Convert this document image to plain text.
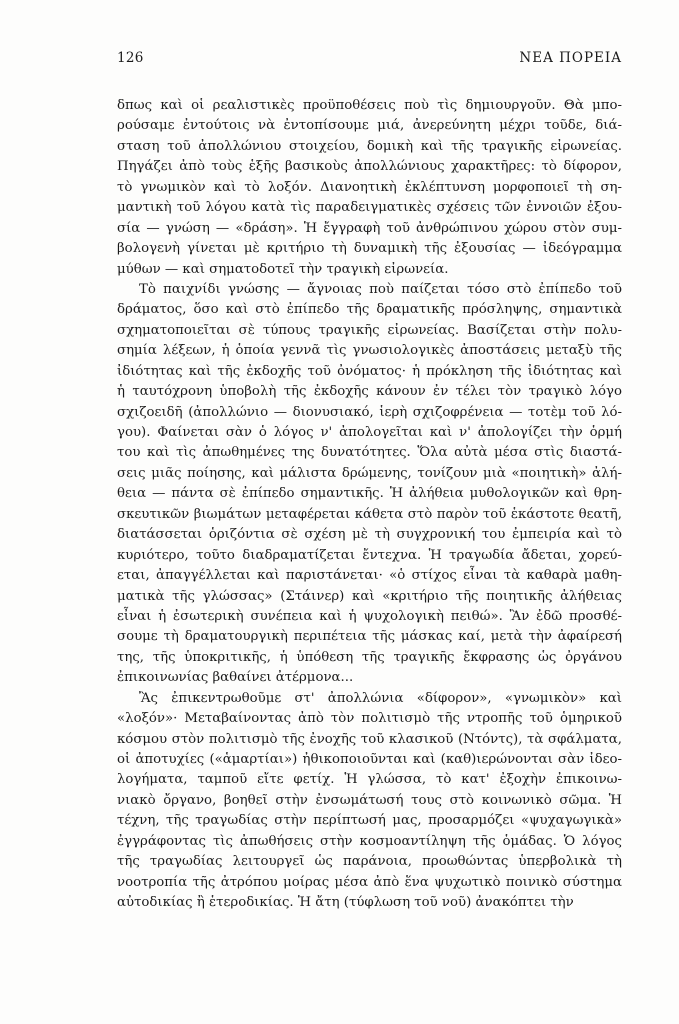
126	ΝΕΑ ΠΟΡΕΙΑ
δπως καὶ οἱ ρεαλιστικὲς προϋποθέσεις ποὺ τὶς δημιουργοῦν. Θὰ μπο-
ρούσαμε ἐντούτοις νὰ ἐντοπίσουμε μιά, ἀνερεύνητη μέχρι τοῦδε, διά-
σταση τοῦ ἀπολλώνιου στοιχείου, δομικὴ καὶ τῆς τραγικῆς εἰρωνείας.
Πηγάζει ἀπὸ τοὺς ἑξῆς βασικοὺς ἀπολλώνιους χαρακτῆρες: τὸ δίφορον,
τὸ γνωμικὸν καὶ τὸ λοξόν. Διανοητικὴ ἐκλέπτυνση μορφοποιεῖ τὴ ση-
μαντικὴ τοῦ λόγου κατὰ τὶς παραδειγματικὲς σχέσεις τῶν ἐννοιῶν ἐξου-
σία — γνώση — «δράση». Ἡ ἔγγραφὴ τοῦ ἀνθρώπινου χώρου στὸν συμ-
βολογενὴ γίνεται μὲ κριτήριο τὴ δυναμικὴ τῆς ἐξουσίας — ἰδεόγραμμα
μύθων — καὶ σηματοδοτεῖ τὴν τραγικὴ εἰρωνεία.
Τὸ παιχνίδι γνώσης — ἄγνοιας ποὺ παίζεται τόσο στὸ ἐπίπεδο τοῦ
δράματος, ὅσο καὶ στὸ ἐπίπεδο τῆς δραματικῆς πρόσληψης, σημαντικὰ
σχηματοποιεῖται σὲ τύπους τραγικῆς εἰρωνείας. Βασίζεται στὴν πολυ-
σημία λέξεων, ἡ ὁποία γεννᾶ τὶς γνωσιολογικὲς ἀποστάσεις μεταξὺ τῆς
ἰδιότητας καὶ τῆς ἐκδοχῆς τοῦ ὀνόματος· ἡ πρόκληση τῆς ἰδιότητας καὶ
ἡ ταυτόχρονη ὑποβολὴ τῆς ἐκδοχῆς κάνουν ἐν τέλει τὸν τραγικὸ λόγο
σχιζοειδῆ (ἀπολλώνιο — διονυσιακό, ἱερὴ σχιζοφρένεια — τοτὲμ τοῦ λό-
γου). Φαίνεται σὰν ὁ λόγος ν' ἀπολογεῖται καὶ ν' ἀπολογίζει τὴν ὁρμή
του καὶ τὶς ἀπωθημένες της δυνατότητες. Ὅλα αὐτὰ μέσα στὶς διαστά-
σεις μιᾶς ποίησης, καὶ μάλιστα δρώμενης, τονίζουν μιὰ «ποιητικὴ» ἀλή-
θεια — πάντα σὲ ἐπίπεδο σημαντικῆς. Ἡ ἀλήθεια μυθολογικῶν καὶ θρη-
σκευτικῶν βιωμάτων μεταφέρεται κάθετα στὸ παρὸν τοῦ ἑκάστοτε θεατῆ,
διατάσσεται ὁριζόντια σὲ σχέση μὲ τὴ συγχρονική του ἐμπειρία καὶ τὸ
κυριότερο, τοῦτο διαδραματίζεται ἔντεχνα. Ἡ τραγωδία ἄδεται, χορεύ-
εται, ἀπαγγέλλεται καὶ παριστάνεται· «ὁ στίχος εἶναι τὰ καθαρὰ μαθη-
ματικὰ τῆς γλώσσας» (Στάινερ) καὶ «κριτήριο τῆς ποιητικῆς ἀλήθειας
εἶναι ἡ ἐσωτερικὴ συνέπεια καὶ ἡ ψυχολογικὴ πειθώ». Ἂν ἐδῶ προσθέ-
σουμε τὴ δραματουργικὴ περιπέτεια τῆς μάσκας καί, μετὰ τὴν ἀφαίρεσή
της, τῆς ὑποκριτικῆς, ἡ ὑπόθεση τῆς τραγικῆς ἔκφρασης ὡς ὀργάνου
ἐπικοινωνίας βαθαίνει ἀτέρμονα...
Ἂς ἐπικεντρωθοῦμε στ' ἀπολλώνια «δίφορον», «γνωμικὸν» καὶ
«λοξόν»· Μεταβαίνοντας ἀπὸ τὸν πολιτισμὸ τῆς ντροπῆς τοῦ ὁμηρικοῦ
κόσμου στὸν πολιτισμὸ τῆς ἐνοχῆς τοῦ κλασικοῦ (Ντόντς), τὰ σφάλματα,
οἱ ἀποτυχίες («ἁμαρτίαι») ἠθικοποιοῦνται καὶ (καθ)ιερώνονται σὰν ἰδεο-
λογήματα, ταμποῦ εἴτε φετίχ. Ἡ γλώσσα, τὸ κατ' ἐξοχὴν ἐπικοινω-
νιακὸ ὄργανο, βοηθεῖ στὴν ἐνσωμάτωσή τους στὸ κοινωνικὸ σῶμα. Ἡ
τέχνη, τῆς τραγωδίας στὴν περίπτωσή μας, προσαρμόζει «ψυχαγωγικὰ»
ἐγγράφοντας τὶς ἀπωθήσεις στὴν κοσμοαντίληψη τῆς ὁμάδας. Ὁ λόγος
τῆς τραγωδίας λειτουργεῖ ὡς παράνοια, προωθώντας ὑπερβολικὰ τὴ
νοοτροπία τῆς ἀτρόπου μοίρας μέσα ἀπὸ ἕνα ψυχωτικὸ ποινικὸ σύστημα
αὐτοδικίας ἢ ἑτεροδικίας. Ἡ ἄτη (τύφλωση τοῦ νοῦ) ἀνακόπτει τὴν
